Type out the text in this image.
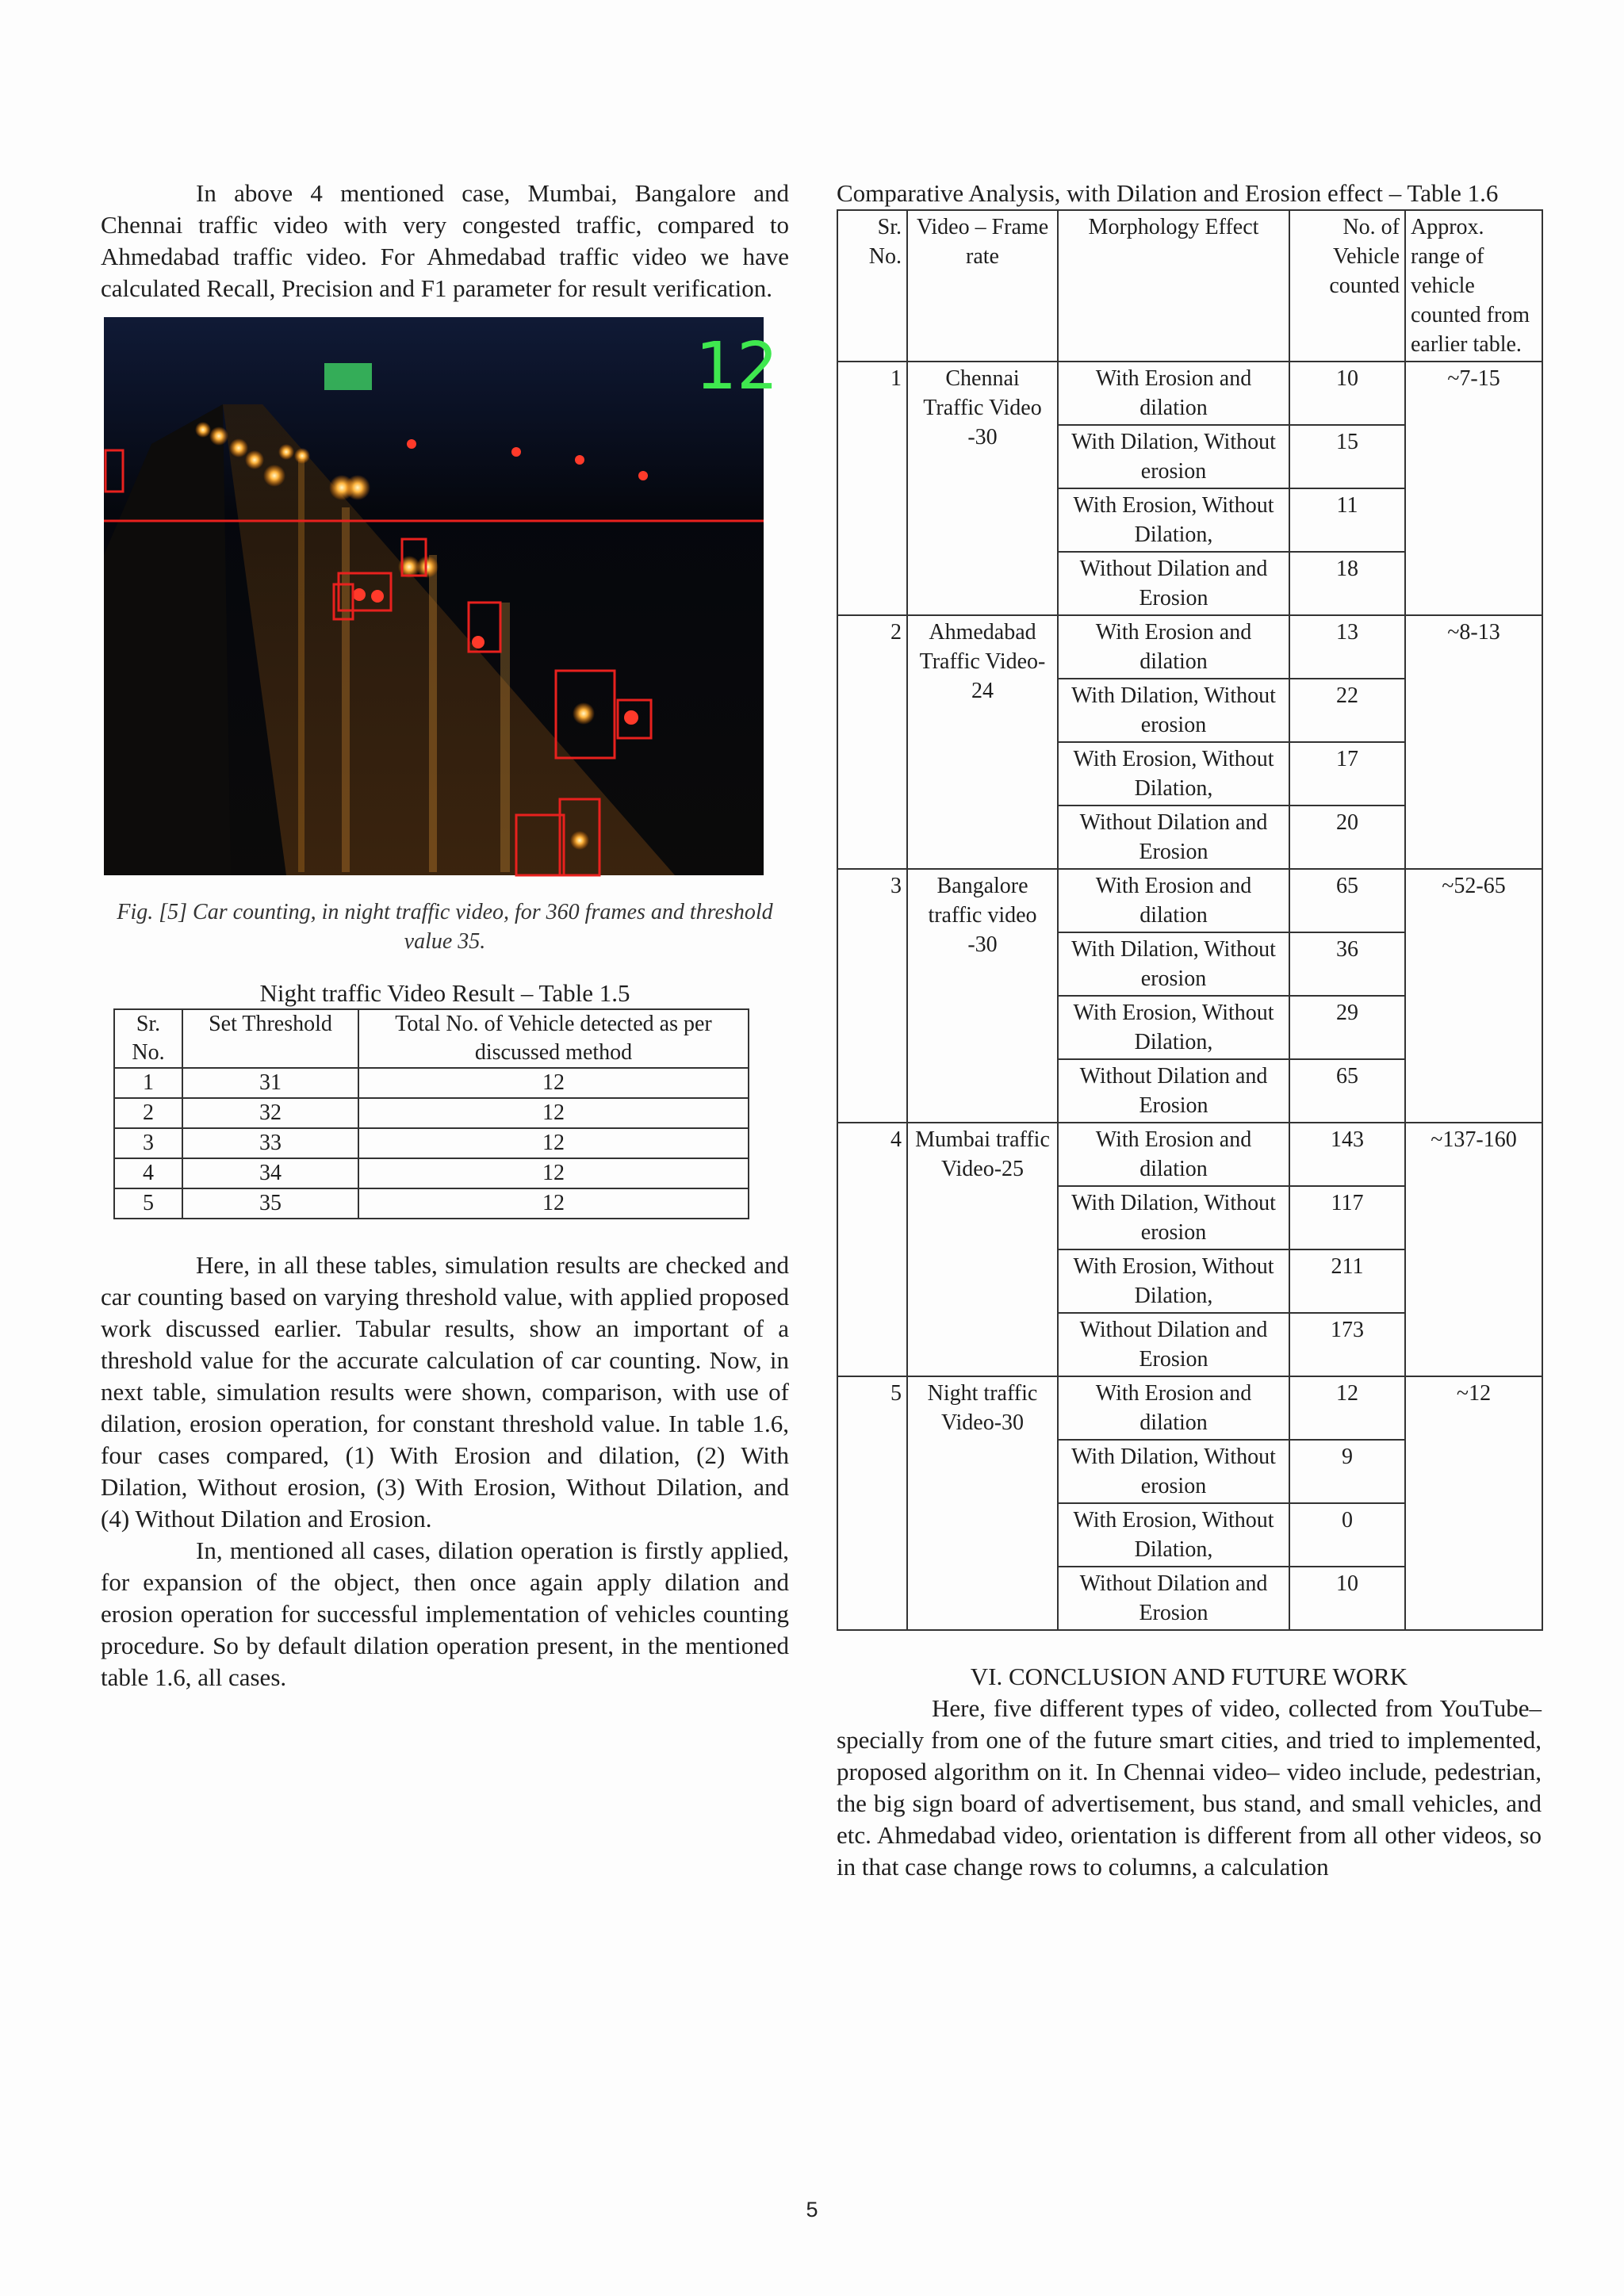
In above 4 mentioned case, Mumbai, Bangalore and Chennai traffic video with very congested traffic, compared to Ahmedabad traffic video. For Ahmedabad traffic video we have calculated Recall, Precision and F1 parameter for result verification.

12
Fig. [5] Car counting, in night traffic video, for 360 frames and threshold value 35.
Night traffic Video Result – Table 1.5
Sr. No.	Set Threshold	Total No. of Vehicle detected as per discussed method
1	31	12
2	32	12
3	33	12
4	34	12
5	35	12

Here, in all these tables, simulation results are checked and car counting based on varying threshold value, with applied proposed work discussed earlier. Tabular results, show an important of a threshold value for the accurate calculation of car counting. Now, in next table, simulation results were shown, comparison, with use of dilation, erosion operation, for constant threshold value. In table 1.6, four cases compared, (1) With Erosion and dilation, (2) With Dilation, Without erosion, (3) With Erosion, Without Dilation, and (4) Without Dilation and Erosion.

In, mentioned all cases, dilation operation is firstly applied, for expansion of the object, then once again apply dilation and erosion operation for successful implementation of vehicles counting procedure. So by default dilation operation present, in the mentioned table 1.6, all cases.

Comparative Analysis, with Dilation and Erosion effect – Table 1.6
Sr. No.	Video – Frame rate	Morphology Effect	No. of Vehicle counted	Approx. range of vehicle counted from earlier table.
1	Chennai Traffic Video -30	With Erosion and dilation	10	~7-15
		With Dilation, Without erosion	15	
		With Erosion, Without Dilation,	11	
		Without Dilation and Erosion	18	
2	Ahmedabad Traffic Video-24	With Erosion and dilation	13	~8-13
		With Dilation, Without erosion	22	
		With Erosion, Without Dilation,	17	
		Without Dilation and Erosion	20	
3	Bangalore traffic video -30	With Erosion and dilation	65	~52-65
		With Dilation, Without erosion	36	
		With Erosion, Without Dilation,	29	
		Without Dilation and Erosion	65	
4	Mumbai traffic Video-25	With Erosion and dilation	143	~137-160
		With Dilation, Without erosion	117	
		With Erosion, Without Dilation,	211	
		Without Dilation and Erosion	173	
5	Night traffic Video-30	With Erosion and dilation	12	~12
		With Dilation, Without erosion	9	
		With Erosion, Without Dilation,	0	
		Without Dilation and Erosion	10	
VI. CONCLUSION AND FUTURE WORK

Here, five different types of video, collected from YouTube–specially from one of the future smart cities, and tried to implemented, proposed algorithm on it. In Chennai video– video include, pedestrian, the big sign board of advertisement, bus stand, and small vehicles, and etc. Ahmedabad video, orientation is different from all other videos, so in that case change rows to columns, a calculation

5
